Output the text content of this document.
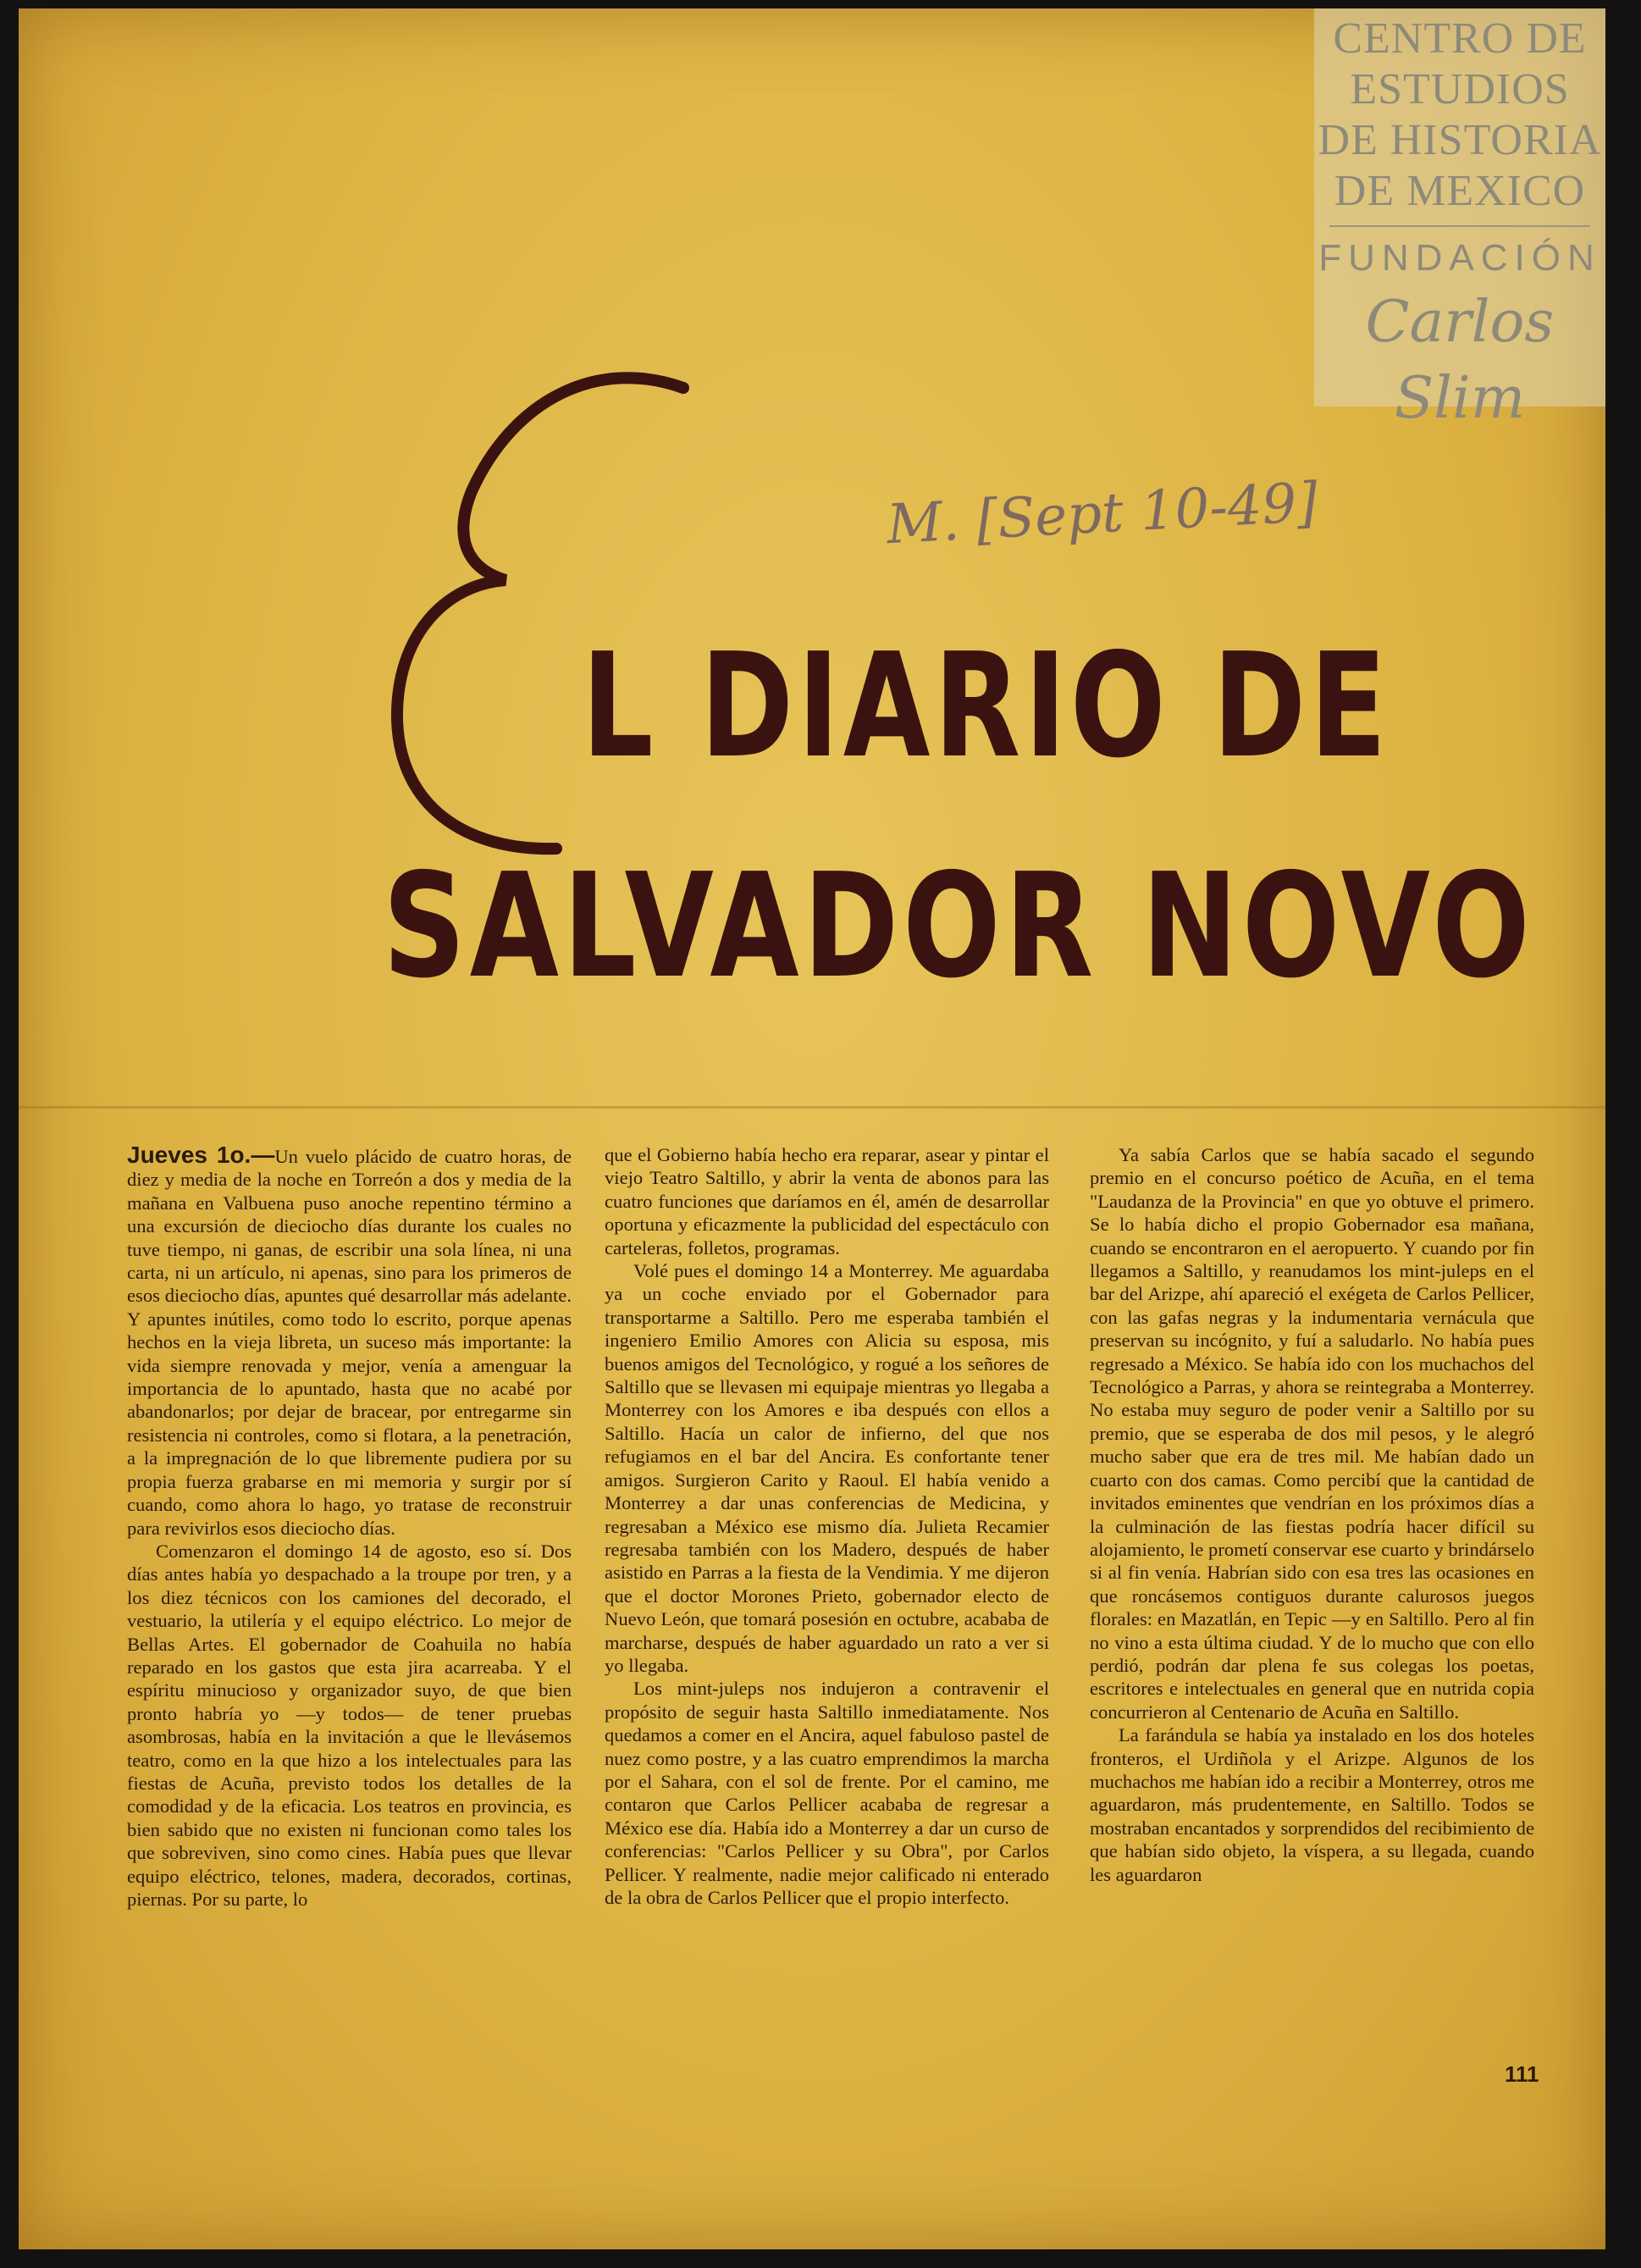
CENTRO DE
ESTUDIOS
DE HISTORIA
DE MEXICO
FUNDACIÓN
Carlos Slim
M. [Sept 10-49]
L DIARIO DE
SALVADOR NOVO

Jueves 1o.—Un vuelo plácido de cuatro horas, de diez y media de la noche en Torreón a dos y media de la mañana en Valbuena puso anoche repentino término a una excursión de dieciocho días durante los cuales no tuve tiempo, ni ganas, de escribir una sola línea, ni una carta, ni un artículo, ni apenas, sino para los primeros de esos dieciocho días, apuntes qué desarrollar más adelante. Y apuntes inútiles, como todo lo escrito, porque apenas hechos en la vieja libreta, un suceso más importante: la vida siempre renovada y mejor, venía a amenguar la importancia de lo apuntado, hasta que no acabé por abandonarlos; por dejar de bracear, por entregarme sin resistencia ni controles, como si flotara, a la penetración, a la impregnación de lo que libremente pudiera por su propia fuerza grabarse en mi memoria y surgir por sí cuando, como ahora lo hago, yo tratase de reconstruir para revivirlos esos dieciocho días.

Comenzaron el domingo 14 de agosto, eso sí. Dos días antes había yo despachado a la troupe por tren, y a los diez técnicos con los camiones del decorado, el vestuario, la utilería y el equipo eléctrico. Lo mejor de Bellas Artes. El gobernador de Coahuila no había reparado en los gastos que esta jira acarreaba. Y el espíritu minucioso y organizador suyo, de que bien pronto habría yo —y todos— de tener pruebas asombrosas, había en la invitación a que le llevásemos teatro, como en la que hizo a los intelectuales para las fiestas de Acuña, previsto todos los detalles de la comodidad y de la eficacia. Los teatros en provincia, es bien sabido que no existen ni funcionan como tales los que sobreviven, sino como cines. Había pues que llevar equipo eléctrico, telones, madera, decorados, cortinas, piernas. Por su parte, lo

que el Gobierno había hecho era reparar, asear y pintar el viejo Teatro Saltillo, y abrir la venta de abonos para las cuatro funciones que daríamos en él, amén de desarrollar oportuna y eficazmente la publicidad del espectáculo con carteleras, folletos, programas.

Volé pues el domingo 14 a Monterrey. Me aguardaba ya un coche enviado por el Gobernador para transportarme a Saltillo. Pero me esperaba también el ingeniero Emilio Amores con Alicia su esposa, mis buenos amigos del Tecnológico, y rogué a los señores de Saltillo que se llevasen mi equipaje mientras yo llegaba a Monterrey con los Amores e iba después con ellos a Saltillo. Hacía un calor de infierno, del que nos refugiamos en el bar del Ancira. Es confortante tener amigos. Surgieron Carito y Raoul. El había venido a Monterrey a dar unas conferencias de Medicina, y regresaban a México ese mismo día. Julieta Recamier regresaba también con los Madero, después de haber asistido en Parras a la fiesta de la Vendimia. Y me dijeron que el doctor Morones Prieto, gobernador electo de Nuevo León, que tomará posesión en octubre, acababa de marcharse, después de haber aguardado un rato a ver si yo llegaba.

Los mint-juleps nos indujeron a contravenir el propósito de seguir hasta Saltillo inmediatamente. Nos quedamos a comer en el Ancira, aquel fabuloso pastel de nuez como postre, y a las cuatro emprendimos la marcha por el Sahara, con el sol de frente. Por el camino, me contaron que Carlos Pellicer acababa de regresar a México ese día. Había ido a Monterrey a dar un curso de conferencias: "Carlos Pellicer y su Obra", por Carlos Pellicer. Y realmente, nadie mejor calificado ni enterado de la obra de Carlos Pellicer que el propio interfecto.

Ya sabía Carlos que se había sacado el segundo premio en el concurso poético de Acuña, en el tema "Laudanza de la Provincia" en que yo obtuve el primero. Se lo había dicho el propio Gobernador esa mañana, cuando se encontraron en el aeropuerto. Y cuando por fin llegamos a Saltillo, y reanudamos los mint-juleps en el bar del Arizpe, ahí apareció el exégeta de Carlos Pellicer, con las gafas negras y la indumentaria vernácula que preservan su incógnito, y fuí a saludarlo. No había pues regresado a México. Se había ido con los muchachos del Tecnológico a Parras, y ahora se reintegraba a Monterrey. No estaba muy seguro de poder venir a Saltillo por su premio, que se esperaba de dos mil pesos, y le alegró mucho saber que era de tres mil. Me habían dado un cuarto con dos camas. Como percibí que la cantidad de invitados eminentes que vendrían en los próximos días a la culminación de las fiestas podría hacer difícil su alojamiento, le prometí conservar ese cuarto y brindárselo si al fin venía. Habrían sido con esa tres las ocasiones en que roncásemos contiguos durante calurosos juegos florales: en Mazatlán, en Tepic —y en Saltillo. Pero al fin no vino a esta última ciudad. Y de lo mucho que con ello perdió, podrán dar plena fe sus colegas los poetas, escritores e intelectuales en general que en nutrida copia concurrieron al Centenario de Acuña en Saltillo.

La farándula se había ya instalado en los dos hoteles fronteros, el Urdiñola y el Arizpe. Algunos de los muchachos me habían ido a recibir a Monterrey, otros me aguardaron, más prudentemente, en Saltillo. Todos se mostraban encantados y sorprendidos del recibimiento de que habían sido objeto, la víspera, a su llegada, cuando les aguardaron

111
